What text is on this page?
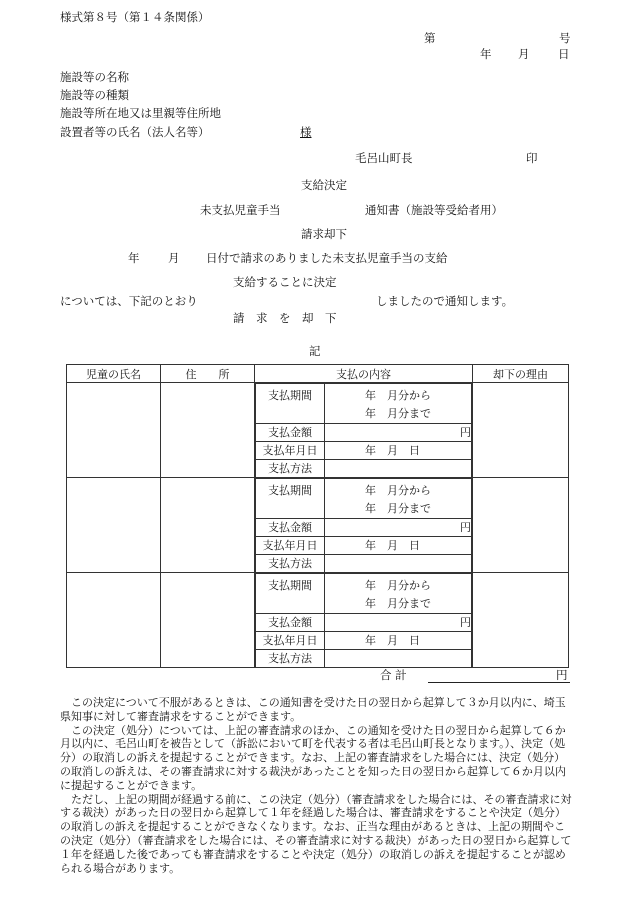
様式第８号（第１４条関係）
第	号
年 月 日
施設等の名称
施設等の種類
施設等所在地又は里親等住所地
設置者等の氏名（法人名等）	様
毛呂山町長	印
支給決定
未支払児童手当	通知書（施設等受給者用）
請求却下
年 月 日付で請求のありました未支払児童手当の支給
支給することに決定
については、下記のとおり	しましたので通知します。
請　求　を　却　下
記
児童の氏名	住　　所	支払の内容	却下の理由

支払期間	年　月分から
年　月分まで

支払金額	円
支払年月日	年　月　日
支払方法	

支払期間	年　月分から
年　月分まで

支払金額	円
支払年月日	年　月　日
支払方法	

支払期間	年　月分から
年　月分まで

支払金額	円
支払年月日	年　月　日
支払方法	

合 計	円

この決定について不服があるときは、この通知書を受けた日の翌日から起算して３か月以内に、埼玉県知事に対して審査請求をすることができます。

この決定（処分）については、上記の審査請求のほか、この通知を受けた日の翌日から起算して６か月以内に、毛呂山町を被告として（訴訟において町を代表する者は毛呂山町長となります。）、決定（処分）の取消しの訴えを提起することができます。なお、上記の審査請求をした場合には、決定（処分）の取消しの訴えは、その審査請求に対する裁決があったことを知った日の翌日から起算して６か月以内に提起することができます。

ただし、上記の期間が経過する前に、この決定（処分）（審査請求をした場合には、その審査請求に対する裁決）があった日の翌日から起算して１年を経過した場合は、審査請求をすることや決定（処分）の取消しの訴えを提起することができなくなります。なお、正当な理由があるときは、上記の期間やこの決定（処分）（審査請求をした場合には、その審査請求に対する裁決）があった日の翌日から起算して１年を経過した後であっても審査請求をすることや決定（処分）の取消しの訴えを提起することが認められる場合があります。
